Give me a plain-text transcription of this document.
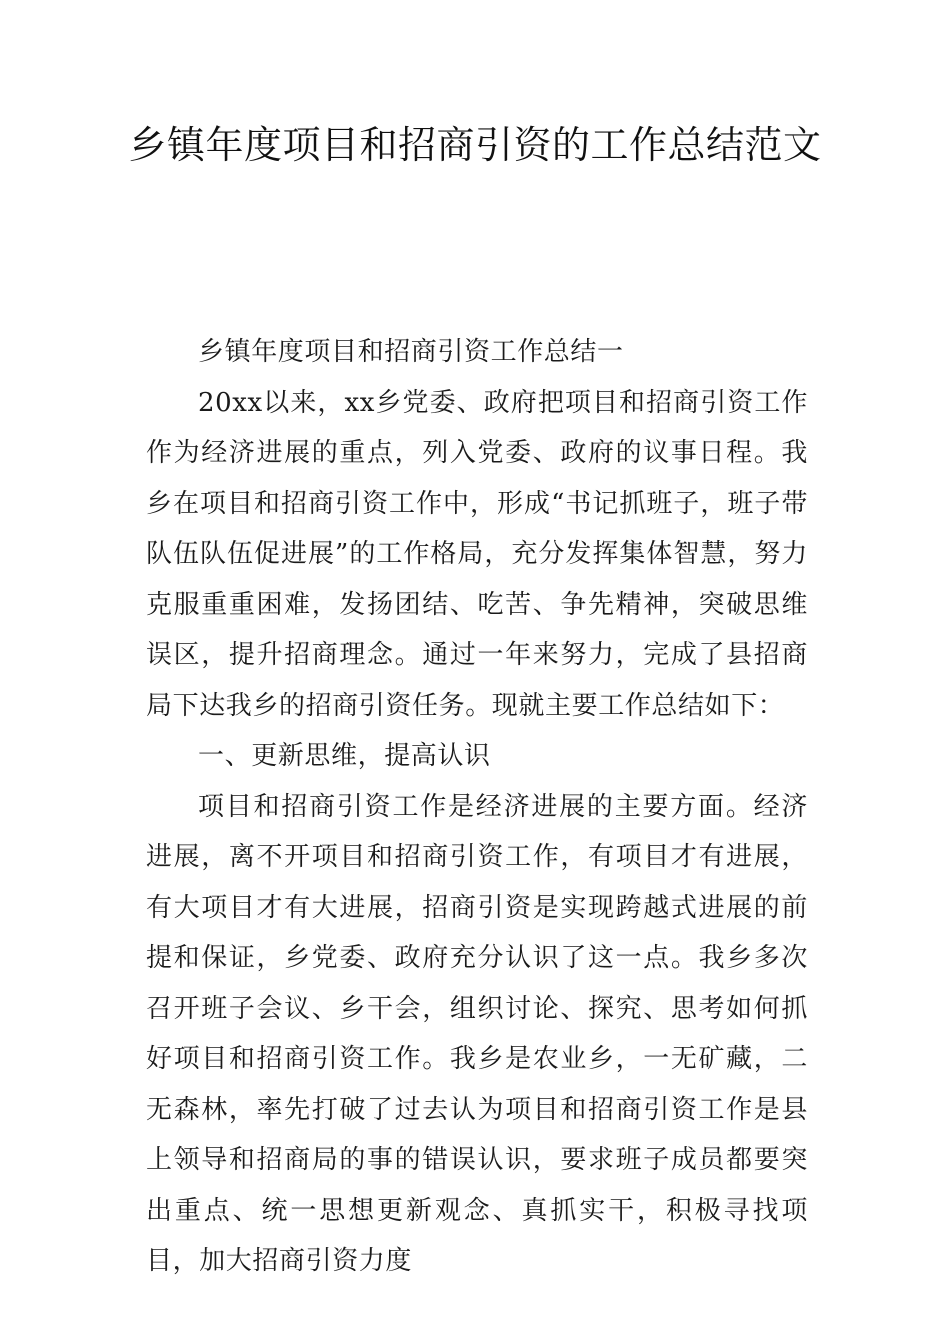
乡镇年度项目和招商引资的工作总结范文

乡镇年度项目和招商引资工作总结一

20xx以来，xx乡党委、政府把项目和招商引资工作作为经济进展的重点，列入党委、政府的议事日程。我乡在项目和招商引资工作中，形成“书记抓班子，班子带队伍队伍促进展”的工作格局，充分发挥集体智慧，努力克服重重困难，发扬团结、吃苦、争先精神，突破思维误区，提升招商理念。通过一年来努力，完成了县招商局下达我乡的招商引资任务。现就主要工作总结如下：

一、更新思维，提高认识

项目和招商引资工作是经济进展的主要方面。经济进展，离不开项目和招商引资工作，有项目才有进展，有大项目才有大进展，招商引资是实现跨越式进展的前提和保证，乡党委、政府充分认识了这一点。我乡多次召开班子会议、乡干会，组织讨论、探究、思考如何抓好项目和招商引资工作。我乡是农业乡，一无矿藏，二无森林，率先打破了过去认为项目和招商引资工作是县上领导和招商局的事的错误认识，要求班子成员都要突出重点、统一思想更新观念、真抓实干，积极寻找项目，加大招商引资力度
